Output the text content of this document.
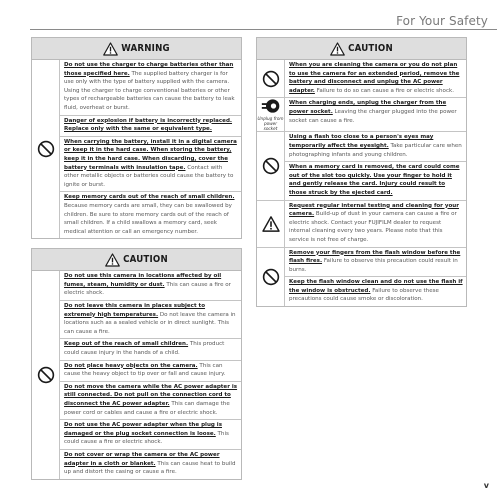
For Your Safety
WARNING
Do not use the charger to charge batteries other than those specified here. The supplied battery charger is for use only with the type of battery supplied with the camera. Using the charger to charge conventional batteries or other types of rechargeable batteries can cause the battery to leak fluid, overheat or burst.
Danger of explosion if battery is incorrectly replaced. Replace only with the same or equivalent type.
When carrying the battery, install it in a digital camera or keep it in the hard case. When storing the battery, keep it in the hard case. When discarding, cover the battery terminals with insulation tape. Contact with other metallic objects or batteries could cause the battery to ignite or burst.
Keep memory cards out of the reach of small children. Because memory cards are small, they can be swallowed by children. Be sure to store memory cards out of the reach of small children. If a child swallows a memory card, seek medical attention or call an emergency number.
CAUTION
Do not use this camera in locations affected by oil fumes, steam, humidity or dust. This can cause a fire or electric shock.
Do not leave this camera in places subject to extremely high temperatures. Do not leave the camera in locations such as a sealed vehicle or in direct sunlight. This can cause a fire.
Keep out of the reach of small children. This product could cause injury in the hands of a child.
Do not place heavy objects on the camera. This can cause the heavy object to tip over or fall and cause injury.
Do not move the camera while the AC power adapter is still connected. Do not pull on the connection cord to disconnect the AC power adapter. This can damage the power cord or cables and cause a fire or electric shock.
Do not use the AC power adapter when the plug is damaged or the plug socket connection is loose. This could cause a fire or electric shock.
Do not cover or wrap the camera or the AC power adapter in a cloth or blanket. This can cause heat to build up and distort the casing or cause a fire.
CAUTION
When you are cleaning the camera or you do not plan to use the camera for an extended period, remove the battery and disconnect and unplug the AC power adapter. Failure to do so can cause a fire or electric shock.
Unplug from power socket
When charging ends, unplug the charger from the power socket. Leaving the charger plugged into the power socket can cause a fire.
Using a flash too close to a person's eyes may temporarily affect the eyesight. Take particular care when photographing infants and young children.
When a memory card is removed, the card could come out of the slot too quickly. Use your finger to hold it and gently release the card. Injury could result to those struck by the ejected card.
Request regular internal testing and cleaning for your camera. Build-up of dust in your camera can cause a fire or electric shock. Contact your FUJIFILM dealer to request internal cleaning every two years. Please note that this service is not free of charge.
Remove your fingers from the flash window before the flash fires. Failure to observe this precaution could result in burns.
Keep the flash window clean and do not use the flash if the window is obstructed. Failure to observe these precautions could cause smoke or discoloration.
v
